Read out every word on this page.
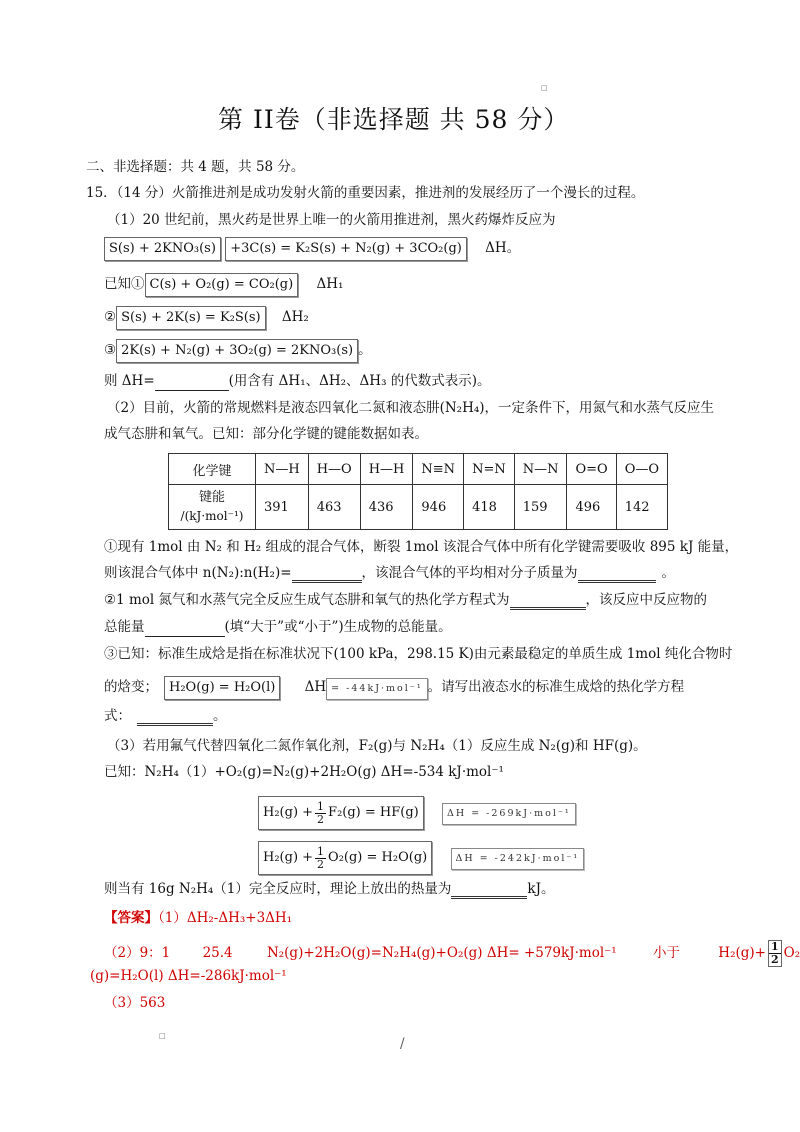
□
第 II卷（非选择题 共 58 分）
二、非选择题：共 4 题，共 58 分。
15．（14 分）火箭推进剂是成功发射火箭的重要因素，推进剂的发展经历了一个漫长的过程。
（1）20 世纪前，黑火药是世界上唯一的火箭用推进剂，黑火药爆炸反应为
S(s) + 2KNO₃(s) +3C(s) = K₂S(s) + N₂(g) + 3CO₂(g) ΔH。
已知① C(s) + O₂(g) = CO₂(g) ΔH₁
② S(s) + 2K(s) = K₂S(s) ΔH₂
③ 2K(s) + N₂(g) + 3O₂(g) = 2KNO₃(s) 。
则 ΔH=	(用含有 ΔH₁、ΔH₂、ΔH₃ 的代数式表示)。
（2）目前，火箭的常规燃料是液态四氧化二氮和液态肼(N₂H₄)，一定条件下，用氮气和水蒸气反应生
成气态肼和氧气。已知：部分化学键的键能数据如表。
化学键	N—H	H—O	H—H	N≡N	N=N	N—N	O=O	O—O

键能
/(kJ·mol⁻¹)	391	463	436	946	418	159	496	142
①现有 1mol 由 N₂ 和 H₂ 组成的混合气体，断裂 1mol 该混合气体中所有化学键需要吸收 895 kJ 能量，
则该混合气体中 n(N₂):n(H₂)=	，该混合气体的平均相对分子质量为	。
②1 mol 氮气和水蒸气完全反应生成气态肼和氧气的热化学方程式为	，该反应中反应物的
总能量	(填“大于”或“小于”)生成物的总能量。
③已知：标准生成焓是指在标准状况下(100 kPa，298.15 K)由元素最稳定的单质生成 1mol 纯化合物时
的焓变； H₂O(g) = H₂O(l) ΔH = -44kJ·mol⁻¹ 。请写出液态水的标准生成焓的热化学方程
式：	。
（3）若用氟气代替四氧化二氮作氧化剂，F₂(g)与 N₂H₄（1）反应生成 N₂(g)和 HF(g)。
已知：N₂H₄（1）+O₂(g)=N₂(g)+2H₂O(g) ΔH=-534 kJ·mol⁻¹
$H_2(g) + \frac{1}{2} F_2(g) = HF(g)$	ΔH = -269kJ·mol⁻¹
$H_2(g) + \frac{1}{2} O_2(g) = H_2O(g)$	ΔH = -242kJ·mol⁻¹
则当有 16g N₂H₄（1）完全反应时，理论上放出的热量为	kJ。
【答案】（1）ΔH₂-ΔH₃+3ΔH₁
（2）9：1 25.4	N₂(g)+2H₂O(g)=N₂H₄(g)+O₂(g) ΔH= +579kJ·mol⁻¹	小于	$H_2(g)+ \frac{1}{2} O_2$
(g)=H₂O(l) ΔH=-286kJ·mol⁻¹
（3）563
□	/
